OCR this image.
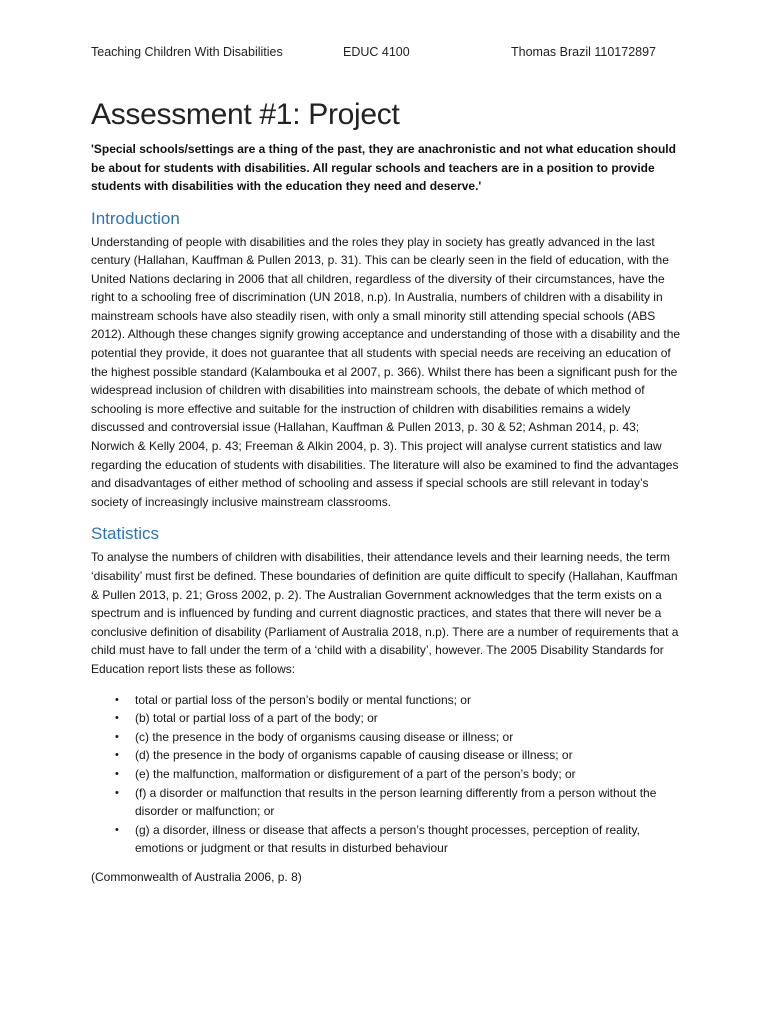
Teaching Children With Disabilities	EDUC 4100	Thomas Brazil 110172897
Assessment #1: Project

'Special schools/settings are a thing of the past, they are anachronistic and not what education should be about for students with disabilities. All regular schools and teachers are in a position to provide students with disabilities with the education they need and deserve.'

Introduction

Understanding of people with disabilities and the roles they play in society has greatly advanced in the last century (Hallahan, Kauffman & Pullen 2013, p. 31). This can be clearly seen in the field of education, with the United Nations declaring in 2006 that all children, regardless of the diversity of their circumstances, have the right to a schooling free of discrimination (UN 2018, n.p). In Australia, numbers of children with a disability in mainstream schools have also steadily risen, with only a small minority still attending special schools (ABS 2012). Although these changes signify growing acceptance and understanding of those with a disability and the potential they provide, it does not guarantee that all students with special needs are receiving an education of the highest possible standard (Kalambouka et al 2007, p. 366). Whilst there has been a significant push for the widespread inclusion of children with disabilities into mainstream schools, the debate of which method of schooling is more effective and suitable for the instruction of children with disabilities remains a widely discussed and controversial issue (Hallahan, Kauffman & Pullen 2013, p. 30 & 52; Ashman 2014, p. 43; Norwich & Kelly 2004, p. 43; Freeman & Alkin 2004, p. 3). This project will analyse current statistics and law regarding the education of students with disabilities. The literature will also be examined to find the advantages and disadvantages of either method of schooling and assess if special schools are still relevant in today’s society of increasingly inclusive mainstream classrooms.

Statistics

To analyse the numbers of children with disabilities, their attendance levels and their learning needs, the term ‘disability’ must first be defined. These boundaries of definition are quite difficult to specify (Hallahan, Kauffman & Pullen 2013, p. 21; Gross 2002, p. 2). The Australian Government acknowledges that the term exists on a spectrum and is influenced by funding and current diagnostic practices, and states that there will never be a conclusive definition of disability (Parliament of Australia 2018, n.p). There are a number of requirements that a child must have to fall under the term of a ‘child with a disability’, however. The 2005 Disability Standards for Education report lists these as follows:

• total or partial loss of the person’s bodily or mental functions; or
• (b) total or partial loss of a part of the body; or
• (c) the presence in the body of organisms causing disease or illness; or
• (d) the presence in the body of organisms capable of causing disease or illness; or
• (e) the malfunction, malformation or disfigurement of a part of the person’s body; or
• (f) a disorder or malfunction that results in the person learning differently from a person without the disorder or malfunction; or
• (g) a disorder, illness or disease that affects a person’s thought processes, perception of reality, emotions or judgment or that results in disturbed behaviour

(Commonwealth of Australia 2006, p. 8)
